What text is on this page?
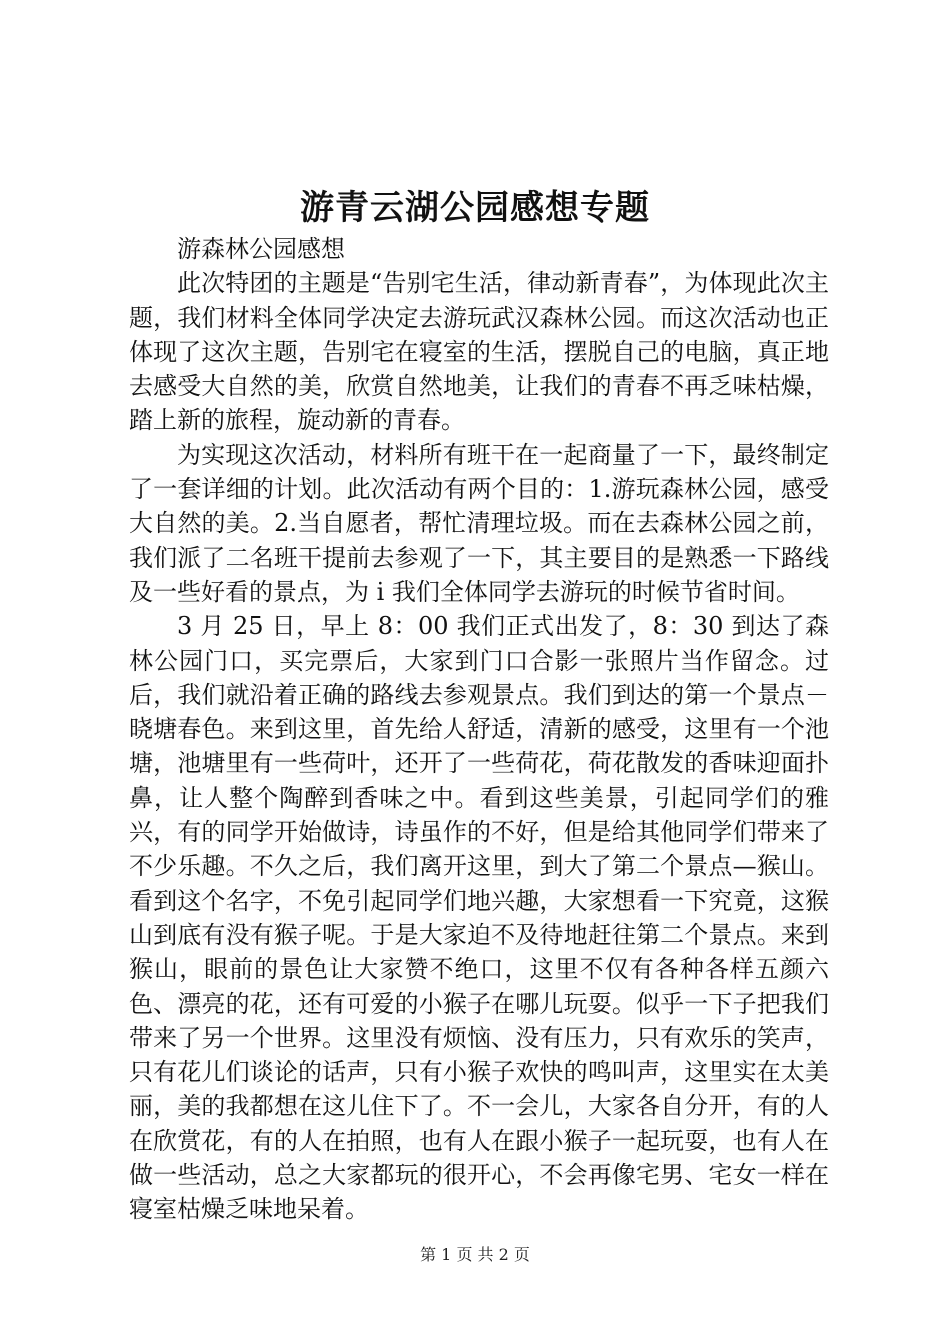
游青云湖公园感想专题

游森林公园感想

此次特团的主题是“告别宅生活，律动新青春”，为体现此次主题，我们材料全体同学决定去游玩武汉森林公园。而这次活动也正体现了这次主题，告别宅在寝室的生活，摆脱自己的电脑，真正地去感受大自然的美，欣赏自然地美，让我们的青春不再乏味枯燥，踏上新的旅程，旋动新的青春。

为实现这次活动，材料所有班干在一起商量了一下，最终制定了一套详细的计划。此次活动有两个目的：1.游玩森林公园，感受大自然的美。2.当自愿者，帮忙清理垃圾。而在去森林公园之前，我们派了二名班干提前去参观了一下，其主要目的是熟悉一下路线及一些好看的景点，为 i 我们全体同学去游玩的时候节省时间。

3 月 25 日，早上 8：00 我们正式出发了，8：30 到达了森林公园门口，买完票后，大家到门口合影一张照片当作留念。过后，我们就沿着正确的路线去参观景点。我们到达的第一个景点－晓塘春色。来到这里，首先给人舒适，清新的感受，这里有一个池塘，池塘里有一些荷叶，还开了一些荷花，荷花散发的香味迎面扑鼻，让人整个陶醉到香味之中。看到这些美景，引起同学们的雅兴，有的同学开始做诗，诗虽作的不好，但是给其他同学们带来了不少乐趣。不久之后，我们离开这里，到大了第二个景点—猴山。看到这个名字，不免引起同学们地兴趣，大家想看一下究竟，这猴山到底有没有猴子呢。于是大家迫不及待地赶往第二个景点。来到猴山，眼前的景色让大家赞不绝口，这里不仅有各种各样五颜六色、漂亮的花，还有可爱的小猴子在哪儿玩耍。似乎一下子把我们带来了另一个世界。这里没有烦恼、没有压力，只有欢乐的笑声，只有花儿们谈论的话声，只有小猴子欢快的鸣叫声，这里实在太美丽，美的我都想在这儿住下了。不一会儿，大家各自分开，有的人在欣赏花，有的人在拍照，也有人在跟小猴子一起玩耍，也有人在做一些活动，总之大家都玩的很开心，不会再像宅男、宅女一样在寝室枯燥乏味地呆着。

第 1 页 共 2 页
